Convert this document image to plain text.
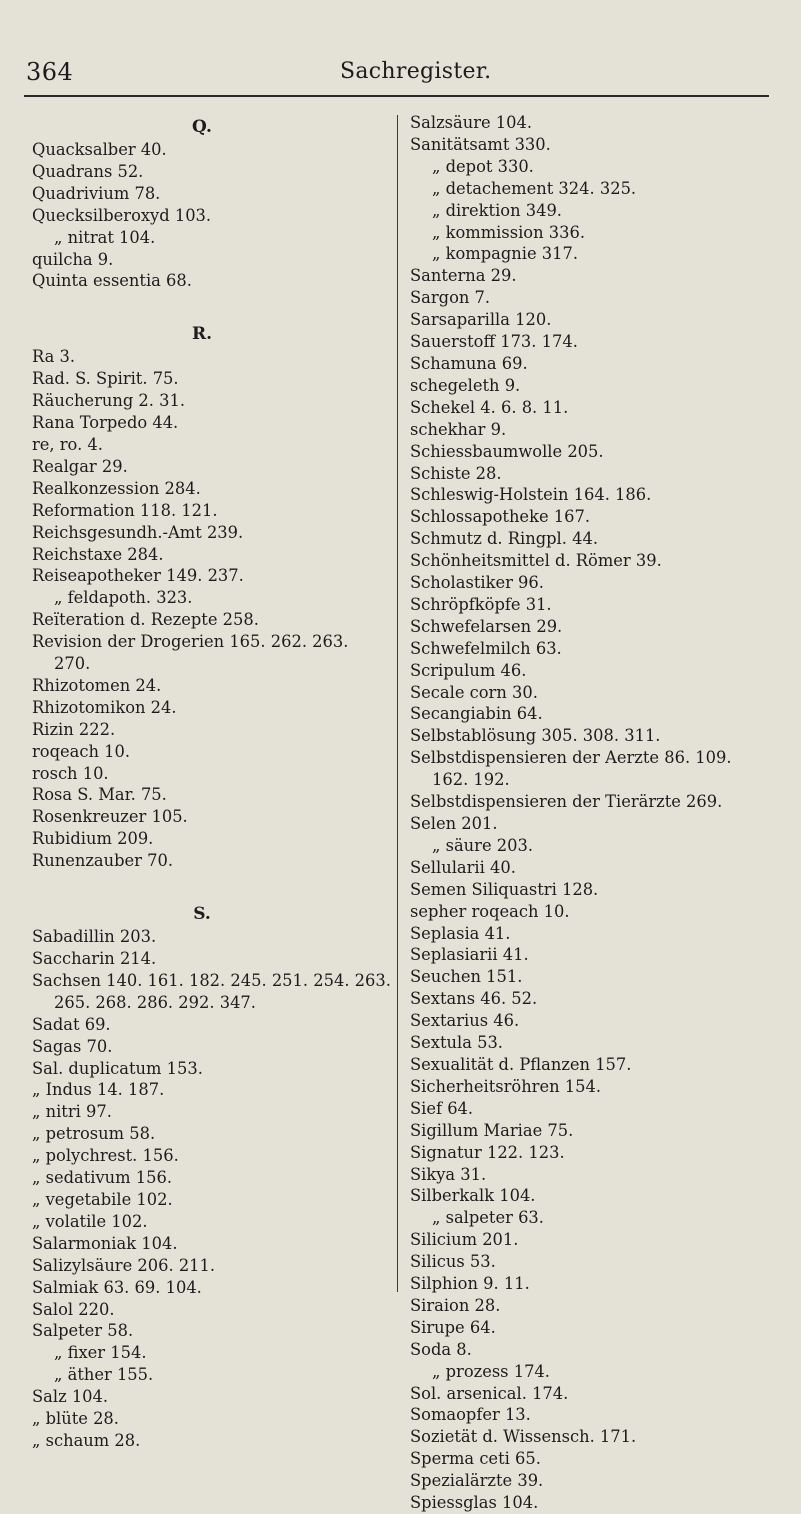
364	Sachregister.
Q.
Quacksalber 40.
Quadrans 52.
Quadrivium 78.
Quecksilberoxyd 103.
„ nitrat 104.
quilcha 9.
Quinta essentia 68.
R.
Ra 3.
Rad. S. Spirit. 75.
Räucherung 2. 31.
Rana Torpedo 44.
re, ro. 4.
Realgar 29.
Realkonzession 284.
Reformation 118. 121.
Reichsgesundh.-Amt 239.
Reichstaxe 284.
Reiseapotheker 149. 237.
„ feldapoth. 323.
Reïteration d. Rezepte 258.
Revision der Drogerien 165. 262. 263.
270.
Rhizotomen 24.
Rhizotomikon 24.
Rizin 222.
roqeach 10.
rosch 10.
Rosa S. Mar. 75.
Rosenkreuzer 105.
Rubidium 209.
Runenzauber 70.
S.
Sabadillin 203.
Saccharin 214.
Sachsen 140. 161. 182. 245. 251. 254. 263.
265. 268. 286. 292. 347.
Sadat 69.
Sagas 70.
Sal. duplicatum 153.
„ Indus 14. 187.
„ nitri 97.
„ petrosum 58.
„ polychrest. 156.
„ sedativum 156.
„ vegetabile 102.
„ volatile 102.
Salarmoniak 104.
Salizylsäure 206. 211.
Salmiak 63. 69. 104.
Salol 220.
Salpeter 58.
„ fixer 154.
„ äther 155.
Salz 104.
„ blüte 28.
„ schaum 28.
Salzsäure 104.
Sanitätsamt 330.
„ depot 330.
„ detachement 324. 325.
„ direktion 349.
„ kommission 336.
„ kompagnie 317.
Santerna 29.
Sargon 7.
Sarsaparilla 120.
Sauerstoff 173. 174.
Schamuna 69.
schegeleth 9.
Schekel 4. 6. 8. 11.
schekhar 9.
Schiessbaumwolle 205.
Schiste 28.
Schleswig-Holstein 164. 186.
Schlossapotheke 167.
Schmutz d. Ringpl. 44.
Schönheitsmittel d. Römer 39.
Scholastiker 96.
Schröpfköpfe 31.
Schwefelarsen 29.
Schwefelmilch 63.
Scripulum 46.
Secale corn 30.
Secangiabin 64.
Selbstablösung 305. 308. 311.
Selbstdispensieren der Aerzte 86. 109.
162. 192.
Selbstdispensieren der Tierärzte 269.
Selen 201.
„ säure 203.
Sellularii 40.
Semen Siliquastri 128.
sepher roqeach 10.
Seplasia 41.
Seplasiarii 41.
Seuchen 151.
Sextans 46. 52.
Sextarius 46.
Sextula 53.
Sexualität d. Pflanzen 157.
Sicherheitsröhren 154.
Sief 64.
Sigillum Mariae 75.
Signatur 122. 123.
Sikya 31.
Silberkalk 104.
„ salpeter 63.
Silicium 201.
Silicus 53.
Silphion 9. 11.
Siraion 28.
Sirupe 64.
Soda 8.
„ prozess 174.
Sol. arsenical. 174.
Somaopfer 13.
Sozietät d. Wissensch. 171.
Sperma ceti 65.
Spezialärzte 39.
Spiessglas 104.
